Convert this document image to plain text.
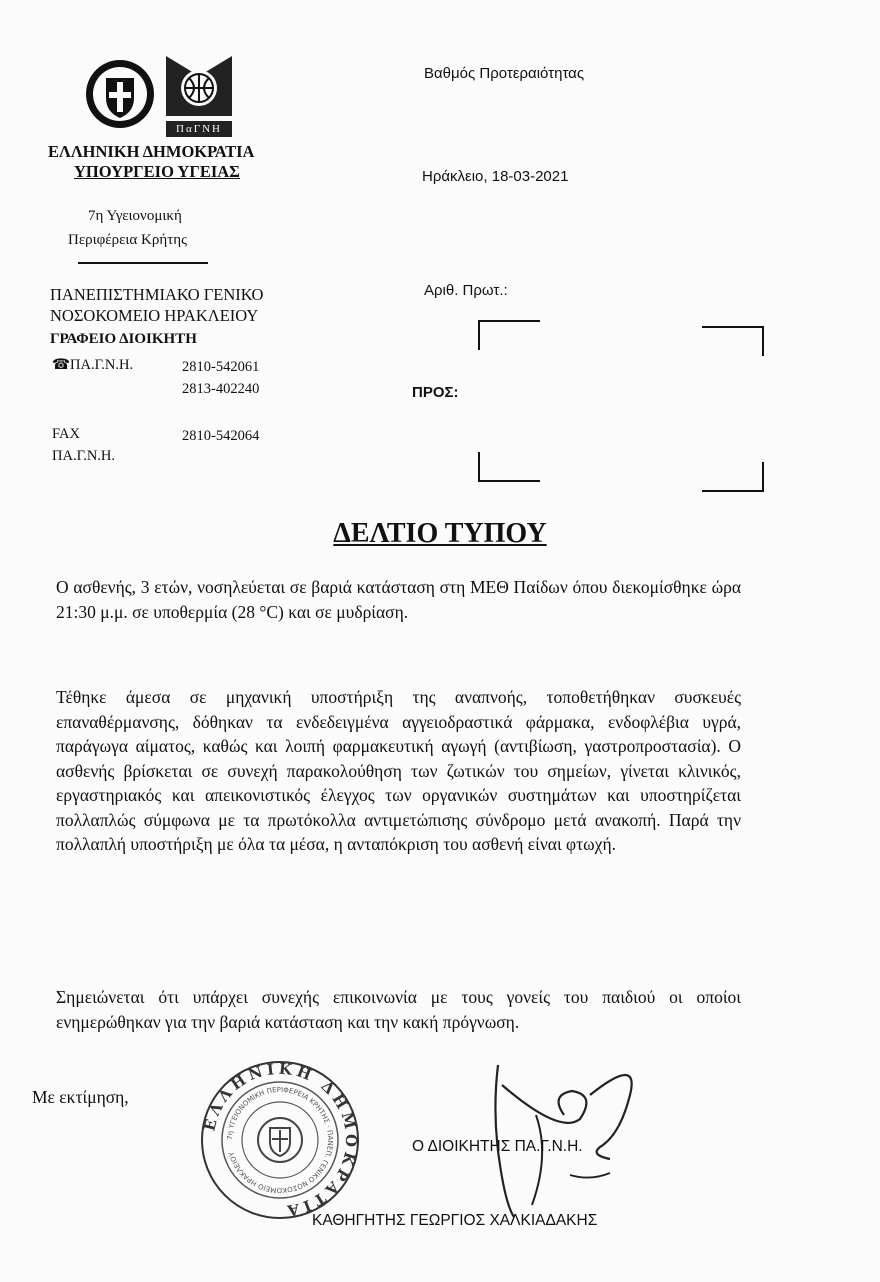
ΠαΓΝΗ
ΕΛΛΗΝΙΚΗ ΔΗΜΟΚΡΑΤΙΑ
ΥΠΟΥΡΓΕΙΟ ΥΓΕΙΑΣ
7η Υγειονομική
Περιφέρεια Κρήτης
ΠΑΝΕΠΙΣΤΗΜΙΑΚΟ ΓΕΝΙΚΟ
ΝΟΣΟΚΟΜΕΙΟ ΗΡΑΚΛΕΙΟΥ
ΓΡΑΦΕΙΟ ΔΙΟΙΚΗΤΗ
☎ΠΑ.Γ.Ν.Η.	2810-542061
2813-402240
FAX
ΠΑ.Γ.Ν.Η.
2810-542064
Βαθμός Προτεραιότητας
Ηράκλειο, 18-03-2021
Αριθ. Πρωτ.:
ΠΡΟΣ:
ΔΕΛΤΙΟ ΤΥΠΟΥ
Ο ασθενής, 3 ετών, νοσηλεύεται σε βαριά κατάσταση στη ΜΕΘ Παίδων όπου διεκομίσθηκε ώρα 21:30 μ.μ. σε υποθερμία (28 °C) και σε μυδρίαση.
Τέθηκε άμεσα σε μηχανική υποστήριξη της αναπνοής, τοποθετήθηκαν συσκευές επαναθέρμανσης, δόθηκαν τα ενδεδειγμένα αγγειοδραστικά φάρμακα, ενδοφλέβια υγρά, παράγωγα αίματος, καθώς και λοιπή φαρμακευτική αγωγή (αντιβίωση, γαστροπροστασία). Ο ασθενής βρίσκεται σε συνεχή παρακολούθηση των ζωτικών του σημείων, γίνεται κλινικός, εργαστηριακός και απεικονιστικός έλεγχος των οργανικών συστημάτων και υποστηρίζεται πολλαπλώς σύμφωνα με τα πρωτόκολλα αντιμετώπισης σύνδρομο μετά ανακοπή. Παρά την πολλαπλή υποστήριξη με όλα τα μέσα, η ανταπόκριση του ασθενή είναι φτωχή.
Σημειώνεται ότι υπάρχει συνεχής επικοινωνία με τους γονείς του παιδιού οι οποίοι ενημερώθηκαν για την βαριά κατάσταση και την κακή πρόγνωση.
Με εκτίμηση,
ΕΛΛΗΝΙΚΗ ΔΗΜΟΚΡΑΤΙΑ
7η ΥΓΕΙΟΝΟΜΙΚΗ ΠΕΡΙΦΕΡΕΙΑ ΚΡΗΤΗΣ · ΠΑΝΕΠ. ΓΕΝΙΚΟ ΝΟΣΟΚΟΜΕΙΟ ΗΡΑΚΛΕΙΟΥ	Ο ΔΙΟΙΚΗΤΗΣ ΠΑ.Γ.Ν.Η.
ΚΑΘΗΓΗΤΗΣ ΓΕΩΡΓΙΟΣ ΧΑΛΚΙΑΔΑΚΗΣ
